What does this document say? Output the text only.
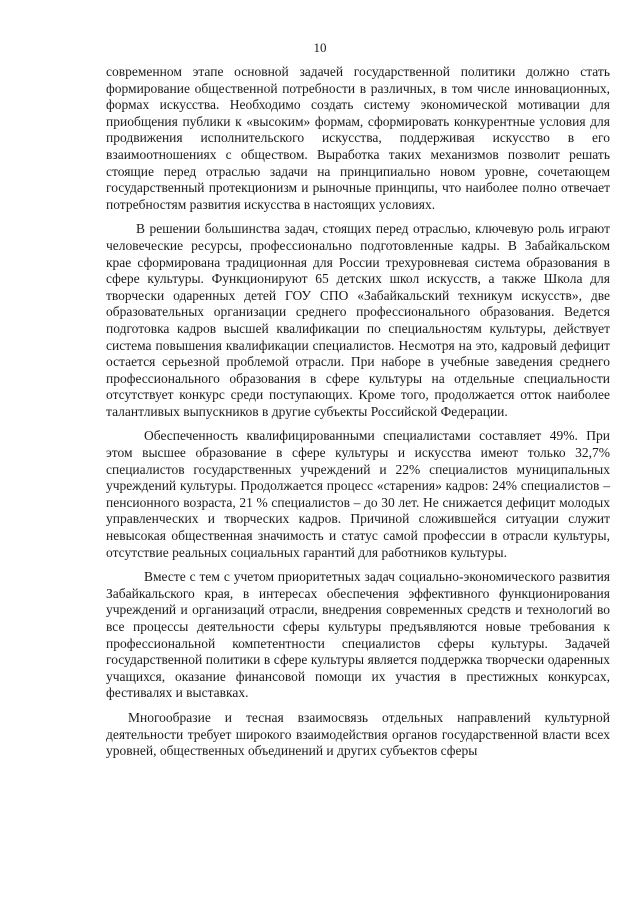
10

современном этапе основной задачей государственной политики должно стать формирование общественной потребности в различных, в том числе инновационных, формах искусства. Необходимо создать систему экономической мотивации для приобщения публики к «высоким» формам, сформировать конкурентные условия для продвижения исполнительского искусства, поддерживая искусство в его взаимоотношениях с обществом. Выработка таких механизмов позволит решать стоящие перед отраслью задачи на принципиально новом уровне, сочетающем государственный протекционизм и рыночные принципы, что наиболее полно отвечает потребностям развития искусства в настоящих условиях.

В решении большинства задач, стоящих перед отраслью, ключевую роль играют человеческие ресурсы, профессионально подготовленные кадры. В Забайкальском крае сформирована традиционная для России трехуровневая система образования в сфере культуры. Функционируют 65 детских школ искусств, а также Школа для творчески одаренных детей ГОУ СПО «Забайкальский техникум искусств», две образовательных организации среднего профессионального образования. Ведется подготовка кадров высшей квалификации по специальностям культуры, действует система повышения квалификации специалистов. Несмотря на это, кадровый дефицит остается серьезной проблемой отрасли. При наборе в учебные заведения среднего профессионального образования в сфере культуры на отдельные специальности отсутствует конкурс среди поступающих. Кроме того, продолжается отток наиболее талантливых выпускников в другие субъекты Российской Федерации.

Обеспеченность квалифицированными специалистами составляет 49%. При этом высшее образование в сфере культуры и искусства имеют только 32,7% специалистов государственных учреждений и 22% специалистов муниципальных учреждений культуры. Продолжается процесс «старения» кадров: 24% специалистов – пенсионного возраста, 21 % специалистов – до 30 лет. Не снижается дефицит молодых управленческих и творческих кадров. Причиной сложившейся ситуации служит невысокая общественная значимость и статус самой профессии в отрасли культуры, отсутствие реальных социальных гарантий для работников культуры.

Вместе с тем с учетом приоритетных задач социально-экономического развития Забайкальского края, в интересах обеспечения эффективного функционирования учреждений и организаций отрасли, внедрения современных средств и технологий во все процессы деятельности сферы культуры предъявляются новые требования к профессиональной компетентности специалистов сферы культуры. Задачей государственной политики в сфере культуры является поддержка творчески одаренных учащихся, оказание финансовой помощи их участия в престижных конкурсах, фестивалях и выставках.

Многообразие и тесная взаимосвязь отдельных направлений культурной деятельности требует широкого взаимодействия органов государственной власти всех уровней, общественных объединений и других субъектов сферы
